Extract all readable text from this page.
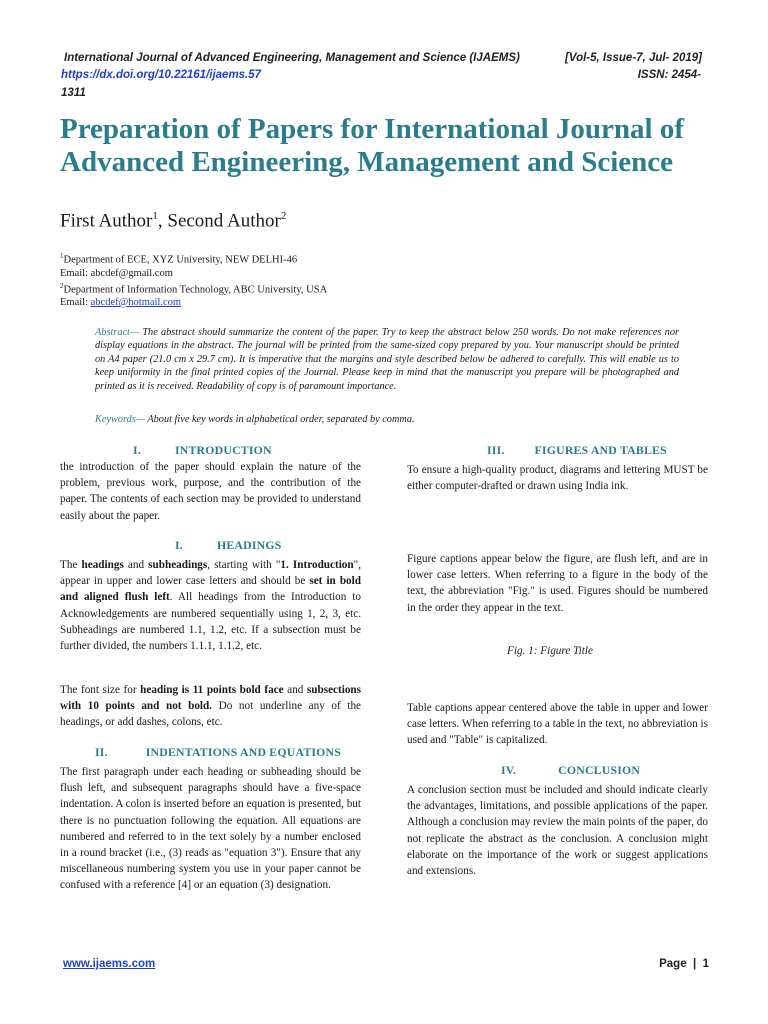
International Journal of Advanced Engineering, Management and Science (IJAEMS)	[Vol-5, Issue-7, Jul- 2019]
https://dx.doi.org/10.22161/ijaems.57	ISSN: 2454-
1311
Preparation of Papers for International Journal of Advanced Engineering, Management and Science
First Author$^1$, Second Author$^2$
$^1$Department of ECE, XYZ University, NEW DELHI-46
Email: abcdef@gmail.com
$^2$Department of Information Technology, ABC University, USA
Email: abcdef@hotmail.com

Abstract— The abstract should summarize the content of the paper. Try to keep the abstract below 250 words. Do not make references nor display equations in the abstract. The journal will be printed from the same-sized copy prepared by you. Your manuscript should be printed on A4 paper (21.0 cm x 29.7 cm). It is imperative that the margins and style described below be adhered to carefully. This will enable us to keep uniformity in the final printed copies of the Journal. Please keep in mind that the manuscript you prepare will be photographed and printed as it is received. Readability of copy is of paramount importance.

Keywords— About five key words in alphabetical order, separated by comma.
I.	INTRODUCTION

the introduction of the paper should explain the nature of the problem, previous work, purpose, and the contribution of the paper. The contents of each section may be provided to understand easily about the paper.

I.	HEADINGS

The headings and subheadings, starting with "1. Introduction", appear in upper and lower case letters and should be set in bold and aligned flush left. All headings from the Introduction to Acknowledgements are numbered sequentially using 1, 2, 3, etc. Subheadings are numbered 1.1, 1.2, etc. If a subsection must be further divided, the numbers 1.1.1, 1.1.2, etc.

The font size for heading is 11 points bold face and subsections with 10 points and not bold. Do not underline any of the headings, or add dashes, colons, etc.

II.	INDENTATIONS AND EQUATIONS

The first paragraph under each heading or subheading should be flush left, and subsequent paragraphs should have a five-space indentation. A colon is inserted before an equation is presented, but there is no punctuation following the equation. All equations are numbered and referred to in the text solely by a number enclosed in a round bracket (i.e., (3) reads as "equation 3"). Ensure that any miscellaneous numbering system you use in your paper cannot be confused with a reference [4] or an equation (3) designation.

III.	FIGURES AND TABLES

To ensure a high-quality product, diagrams and lettering MUST be either computer-drafted or drawn using India ink.

Figure captions appear below the figure, are flush left, and are in lower case letters. When referring to a figure in the body of the text, the abbreviation "Fig." is used. Figures should be numbered in the order they appear in the text.

Fig. 1: Figure Title

Table captions appear centered above the table in upper and lower case letters. When referring to a table in the text, no abbreviation is used and "Table" is capitalized.

IV.	CONCLUSION

A conclusion section must be included and should indicate clearly the advantages, limitations, and possible applications of the paper. Although a conclusion may review the main points of the paper, do not replicate the abstract as the conclusion. A conclusion might elaborate on the importance of the work or suggest applications and extensions.

www.ijaems.com	Page  |  1
